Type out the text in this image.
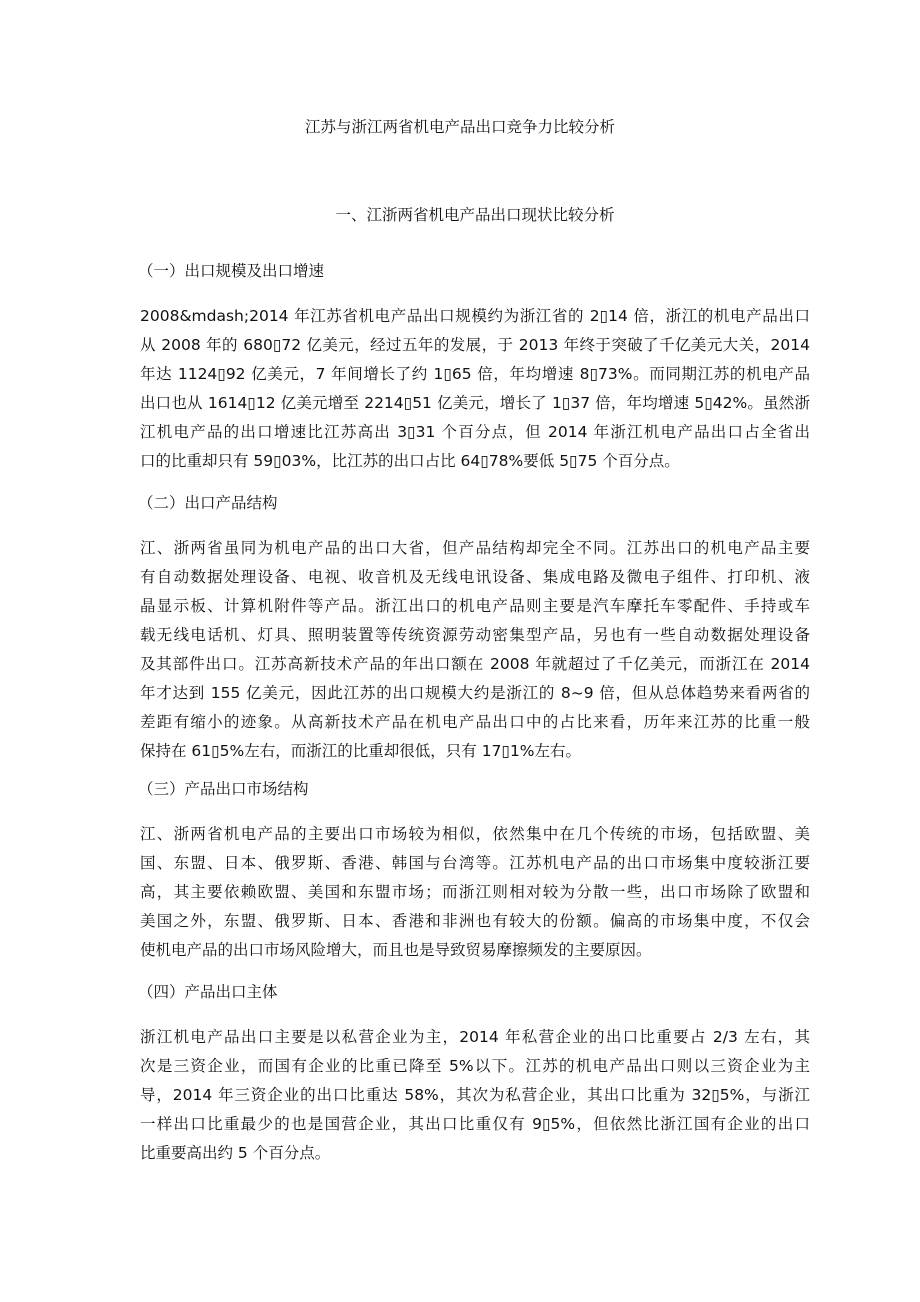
江苏与浙江两省机电产品出口竞争力比较分析
一、江浙两省机电产品出口现状比较分析
（一）出口规模及出口增速
2008&mdash;2014 年江苏省机电产品出口规模约为浙江省的 2▯14 倍，浙江的机电产品出口
从 2008 年的 680▯72 亿美元，经过五年的发展，于 2013 年终于突破了千亿美元大关，2014
年达 1124▯92 亿美元，7 年间增长了约 1▯65 倍，年均增速 8▯73%。而同期江苏的机电产品
出口也从 1614▯12 亿美元增至 2214▯51 亿美元，增长了 1▯37 倍，年均增速 5▯42%。虽然浙
江机电产品的出口增速比江苏高出 3▯31 个百分点，但 2014 年浙江机电产品出口占全省出
口的比重却只有 59▯03%，比江苏的出口占比 64▯78%要低 5▯75 个百分点。
（二）出口产品结构
江、浙两省虽同为机电产品的出口大省，但产品结构却完全不同。江苏出口的机电产品主要
有自动数据处理设备、电视、收音机及无线电讯设备、集成电路及微电子组件、打印机、液
晶显示板、计算机附件等产品。浙江出口的机电产品则主要是汽车摩托车零配件、手持或车
载无线电话机、灯具、照明装置等传统资源劳动密集型产品，另也有一些自动数据处理设备
及其部件出口。江苏高新技术产品的年出口额在 2008 年就超过了千亿美元，而浙江在 2014
年才达到 155 亿美元，因此江苏的出口规模大约是浙江的 8~9 倍，但从总体趋势来看两省的
差距有缩小的迹象。从高新技术产品在机电产品出口中的占比来看，历年来江苏的比重一般
保持在 61▯5%左右，而浙江的比重却很低，只有 17▯1%左右。
（三）产品出口市场结构
江、浙两省机电产品的主要出口市场较为相似，依然集中在几个传统的市场，包括欧盟、美
国、东盟、日本、俄罗斯、香港、韩国与台湾等。江苏机电产品的出口市场集中度较浙江要
高，其主要依赖欧盟、美国和东盟市场；而浙江则相对较为分散一些，出口市场除了欧盟和
美国之外，东盟、俄罗斯、日本、香港和非洲也有较大的份额。偏高的市场集中度，不仅会
使机电产品的出口市场风险增大，而且也是导致贸易摩擦频发的主要原因。
（四）产品出口主体
浙江机电产品出口主要是以私营企业为主，2014 年私营企业的出口比重要占 2/3 左右，其
次是三资企业，而国有企业的比重已降至 5%以下。江苏的机电产品出口则以三资企业为主
导，2014 年三资企业的出口比重达 58%，其次为私营企业，其出口比重为 32▯5%，与浙江
一样出口比重最少的也是国营企业，其出口比重仅有 9▯5%，但依然比浙江国有企业的出口
比重要高出约 5 个百分点。
